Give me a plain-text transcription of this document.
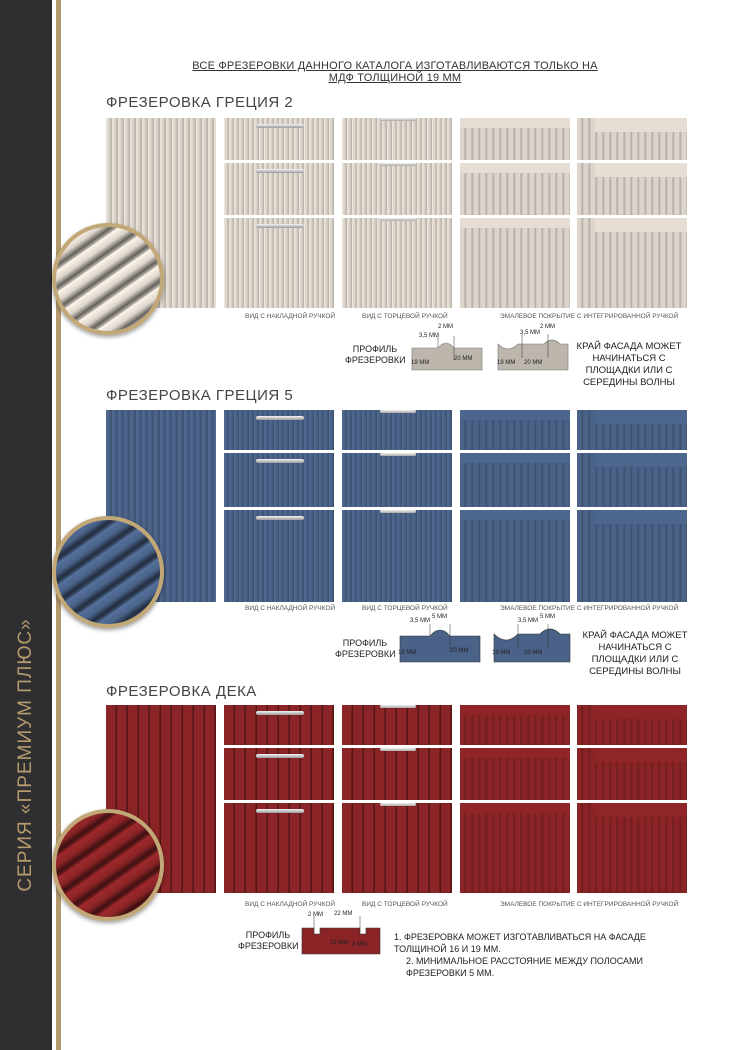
СЕРИЯ «ПРЕМИУМ ПЛЮС»
ВСЕ ФРЕЗЕРОВКИ ДАННОГО КАТАЛОГА ИЗГОТАВЛИВАЮТСЯ ТОЛЬКО НА МДФ ТОЛЩИНОЙ 19 ММ
ФРЕЗЕРОВКА ГРЕЦИЯ 2
ВИД С НАКЛАДНОЙ РУЧКОЙ	ВИД С ТОРЦЕВОЙ РУЧКОЙ	ЭМАЛЕВОЕ ПОКРЫТИЕ С ИНТЕГРИРОВАННОЙ РУЧКОЙ
ПРОФИЛЬ ФРЕЗЕРОВКИ
3,5 ММ
2 ММ
20 ММ
19 ММ
3,5 ММ
2 ММ
20 ММ
19 ММ
КРАЙ ФАСАДА МОЖЕТ НАЧИНАТЬСЯ С ПЛОЩАДКИ ИЛИ С СЕРЕДИНЫ ВОЛНЫ
ФРЕЗЕРОВКА ГРЕЦИЯ 5
ВИД С НАКЛАДНОЙ РУЧКОЙ	ВИД С ТОРЦЕВОЙ РУЧКОЙ	ЭМАЛЕВОЕ ПОКРЫТИЕ С ИНТЕГРИРОВАННОЙ РУЧКОЙ
ПРОФИЛЬ ФРЕЗЕРОВКИ
3,5 ММ
5 ММ
20 ММ
19 ММ
3,5 ММ
5 ММ
20 ММ
19 ММ
КРАЙ ФАСАДА МОЖЕТ НАЧИНАТЬСЯ С ПЛОЩАДКИ ИЛИ С СЕРЕДИНЫ ВОЛНЫ
ФРЕЗЕРОВКА ДЕКА
ВИД С НАКЛАДНОЙ РУЧКОЙ	ВИД С ТОРЦЕВОЙ РУЧКОЙ	ЭМАЛЕВОЕ ПОКРЫТИЕ С ИНТЕГРИРОВАННОЙ РУЧКОЙ
ПРОФИЛЬ ФРЕЗЕРОВКИ
2 ММ 22 ММ
6 ММ
19 ММ
1. ФРЕЗЕРОВКА МОЖЕТ ИЗГОТАВЛИВАТЬСЯ НА ФАСАДЕ ТОЛЩИНОЙ 16 И 19 ММ.
2. МИНИМАЛЬНОЕ РАССТОЯНИЕ МЕЖДУ ПОЛОСАМИ ФРЕЗЕРОВКИ 5 ММ.
